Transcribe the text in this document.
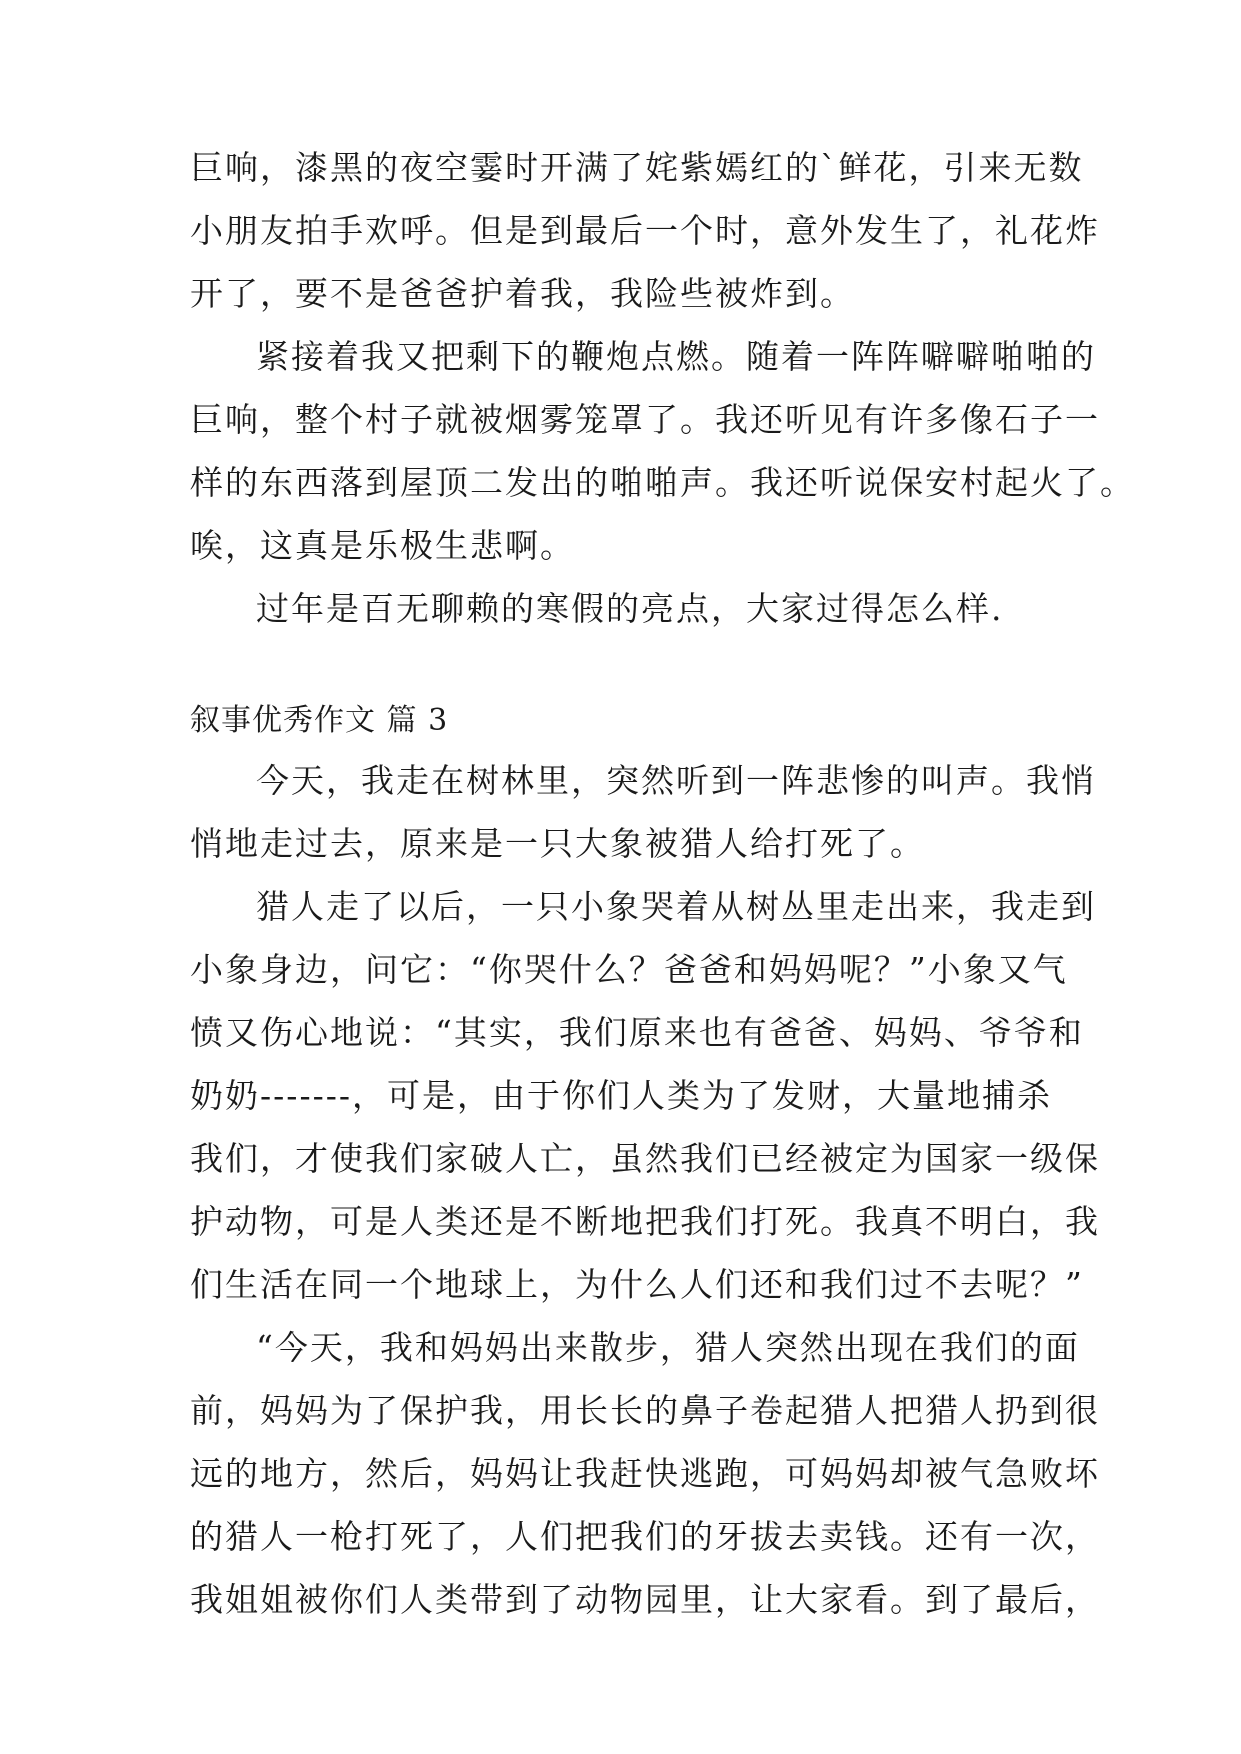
巨响，漆黑的夜空霎时开满了姹紫嫣红的`鲜花，引来无数
小朋友拍手欢呼。但是到最后一个时，意外发生了，礼花炸
开了，要不是爸爸护着我，我险些被炸到。
紧接着我又把剩下的鞭炮点燃。随着一阵阵噼噼啪啪的
巨响，整个村子就被烟雾笼罩了。我还听见有许多像石子一
样的东西落到屋顶二发出的啪啪声。我还听说保安村起火了。
唉，这真是乐极生悲啊。
过年是百无聊赖的寒假的亮点，大家过得怎么样.
叙事优秀作文 篇 3
今天，我走在树林里，突然听到一阵悲惨的叫声。我悄
悄地走过去，原来是一只大象被猎人给打死了。
猎人走了以后，一只小象哭着从树丛里走出来，我走到
小象身边，问它：“你哭什么？爸爸和妈妈呢？”小象又气
愤又伤心地说：“其实，我们原来也有爸爸、妈妈、爷爷和
奶奶-------，可是，由于你们人类为了发财，大量地捕杀
我们，才使我们家破人亡，虽然我们已经被定为国家一级保
护动物，可是人类还是不断地把我们打死。我真不明白，我
们生活在同一个地球上，为什么人们还和我们过不去呢？”
“今天，我和妈妈出来散步，猎人突然出现在我们的面
前，妈妈为了保护我，用长长的鼻子卷起猎人把猎人扔到很
远的地方，然后，妈妈让我赶快逃跑，可妈妈却被气急败坏
的猎人一枪打死了，人们把我们的牙拔去卖钱。还有一次，
我姐姐被你们人类带到了动物园里，让大家看。到了最后，
